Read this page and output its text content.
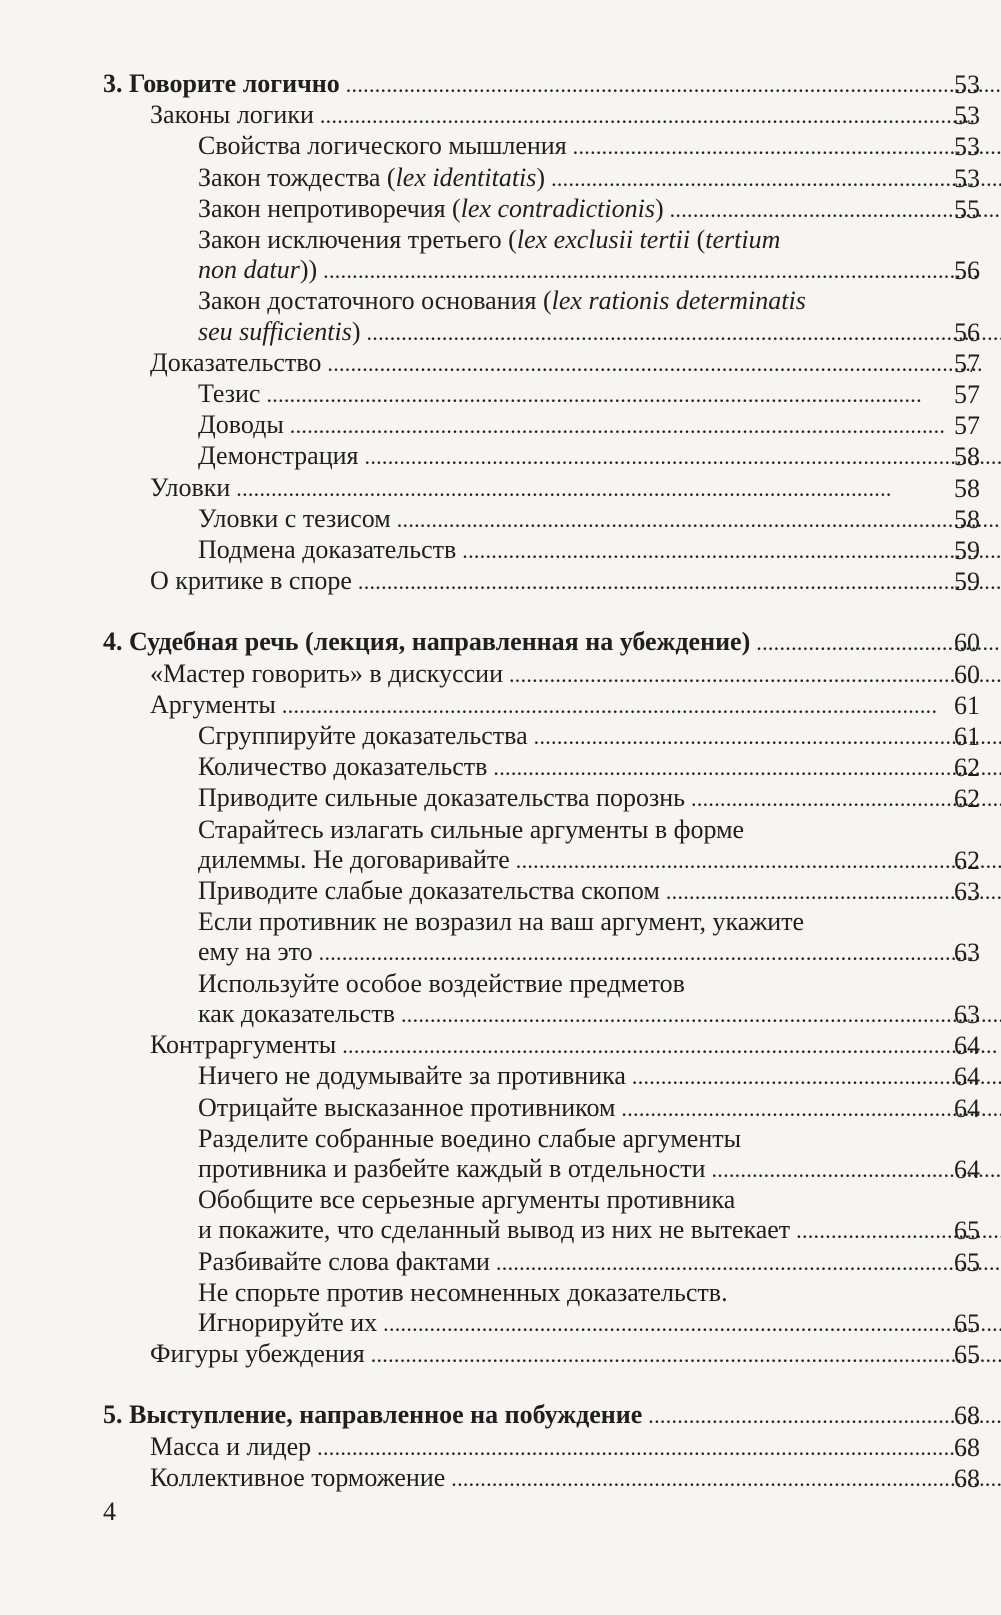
3. Говорите логично . . .	53
Законы логики . . .	53
Свойства логического мышления . . .	53
Закон тождества (lex identitatis) . . .	53
Закон непротиворечия (lex contradictionis) . . .	55
Закон исключения третьего (lex exclusii tertii (tertium
non datur)) . . .	56
Закон достаточного основания (lex rationis determinatis
seu sufficientis) . . .	56
Доказательство . . .	57
Тезис . . .	57
Доводы . . .	57
Демонстрация . . .	58
Уловки . . .	58
Уловки с тезисом . . .	58
Подмена доказательств . . .	59
О критике в споре . . .	59
4. Судебная речь (лекция, направленная на убеждение) . . .	60
«Мастер говорить» в дискуссии . . .	60
Аргументы . . .	61
Сгруппируйте доказательства . . .	61
Количество доказательств . . .	62
Приводите сильные доказательства порознь . . .	62
Старайтесь излагать сильные аргументы в форме
дилеммы. Не договаривайте . . .	62
Приводите слабые доказательства скопом . . .	63
Если противник не возразил на ваш аргумент, укажите
ему на это . . .	63
Используйте особое воздействие предметов
как доказательств . . .	63
Контраргументы . . .	64
Ничего не додумывайте за противника . . .	64
Отрицайте высказанное противником . . .	64
Разделите собранные воедино слабые аргументы
противника и разбейте каждый в отдельности . . .	64
Обобщите все серьезные аргументы противника
и покажите, что сделанный вывод из них не вытекает . . .	65
Разбивайте слова фактами . . .	65
Не спорьте против несомненных доказательств.
Игнорируйте их . . .	65
Фигуры убеждения . . .	65
5. Выступление, направленное на побуждение . . .	68
Масса и лидер . . .	68
Коллективное торможение . . .	68
4
